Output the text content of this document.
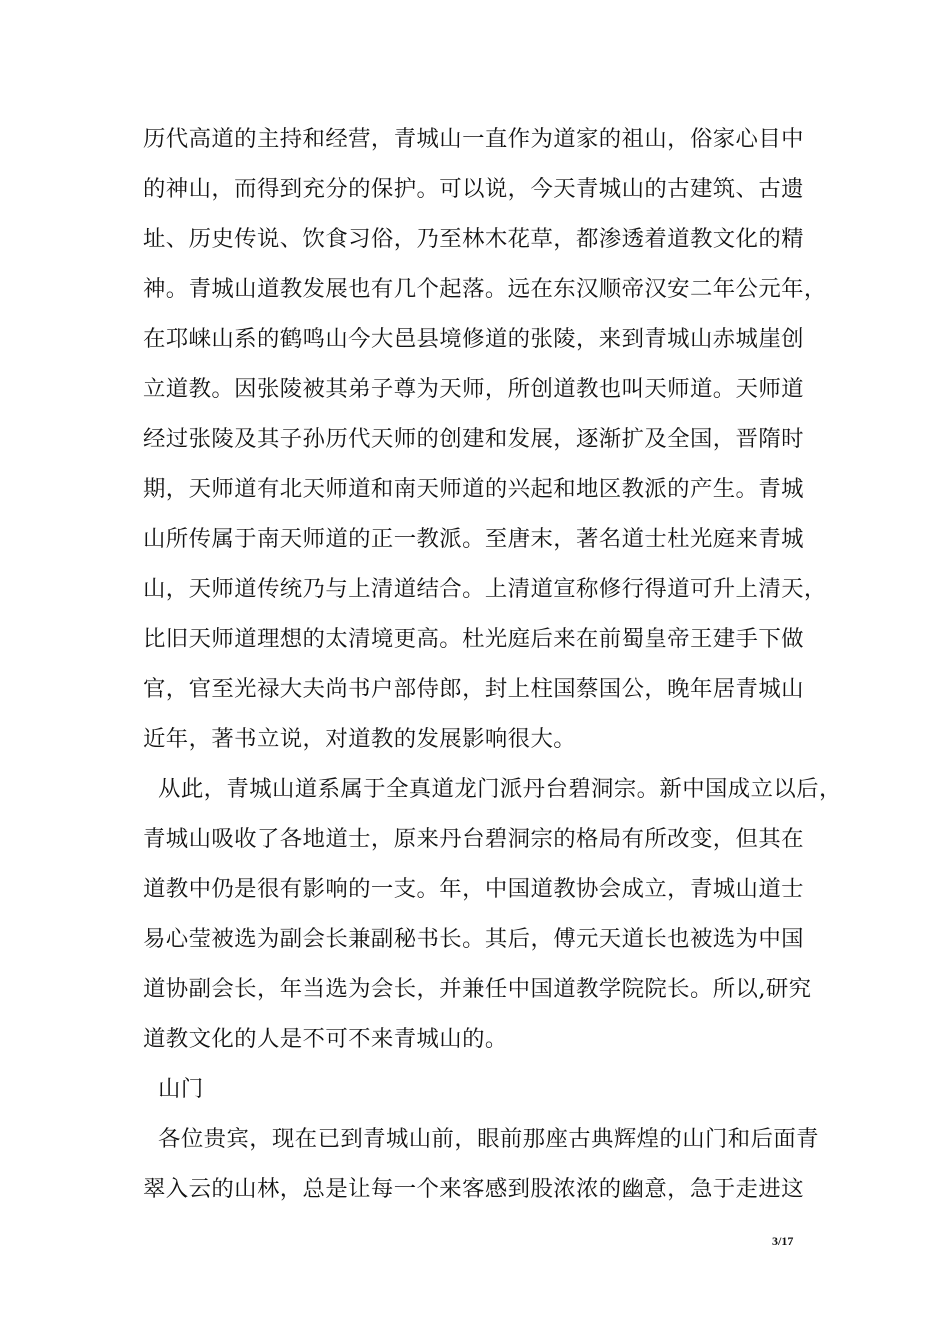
历代高道的主持和经营，青城山一直作为道家的祖山，俗家心目中
的神山，而得到充分的保护。可以说，今天青城山的古建筑、古遗
址、历史传说、饮食习俗，乃至林木花草，都渗透着道教文化的精
神。青城山道教发展也有几个起落。远在东汉顺帝汉安二年公元年，
在邛崃山系的鹤鸣山今大邑县境修道的张陵，来到青城山赤城崖创
立道教。因张陵被其弟子尊为天师，所创道教也叫天师道。天师道
经过张陵及其子孙历代天师的创建和发展，逐渐扩及全国，晋隋时
期，天师道有北天师道和南天师道的兴起和地区教派的产生。青城
山所传属于南天师道的正一教派。至唐末，著名道士杜光庭来青城
山，天师道传统乃与上清道结合。上清道宣称修行得道可升上清天，
比旧天师道理想的太清境更高。杜光庭后来在前蜀皇帝王建手下做
官，官至光禄大夫尚书户部侍郎，封上柱国蔡国公，晚年居青城山
近年，著书立说，对道教的发展影响很大。
从此，青城山道系属于全真道龙门派丹台碧洞宗。新中国成立以后，
青城山吸收了各地道士，原来丹台碧洞宗的格局有所改变，但其在
道教中仍是很有影响的一支。年，中国道教协会成立，青城山道士
易心莹被选为副会长兼副秘书长。其后，傅元天道长也被选为中国
道协副会长，年当选为会长，并兼任中国道教学院院长。所以,研究
道教文化的人是不可不来青城山的。
山门
各位贵宾，现在已到青城山前，眼前那座古典辉煌的山门和后面青
翠入云的山林，总是让每一个来客感到股浓浓的幽意，急于走进这
3/17
